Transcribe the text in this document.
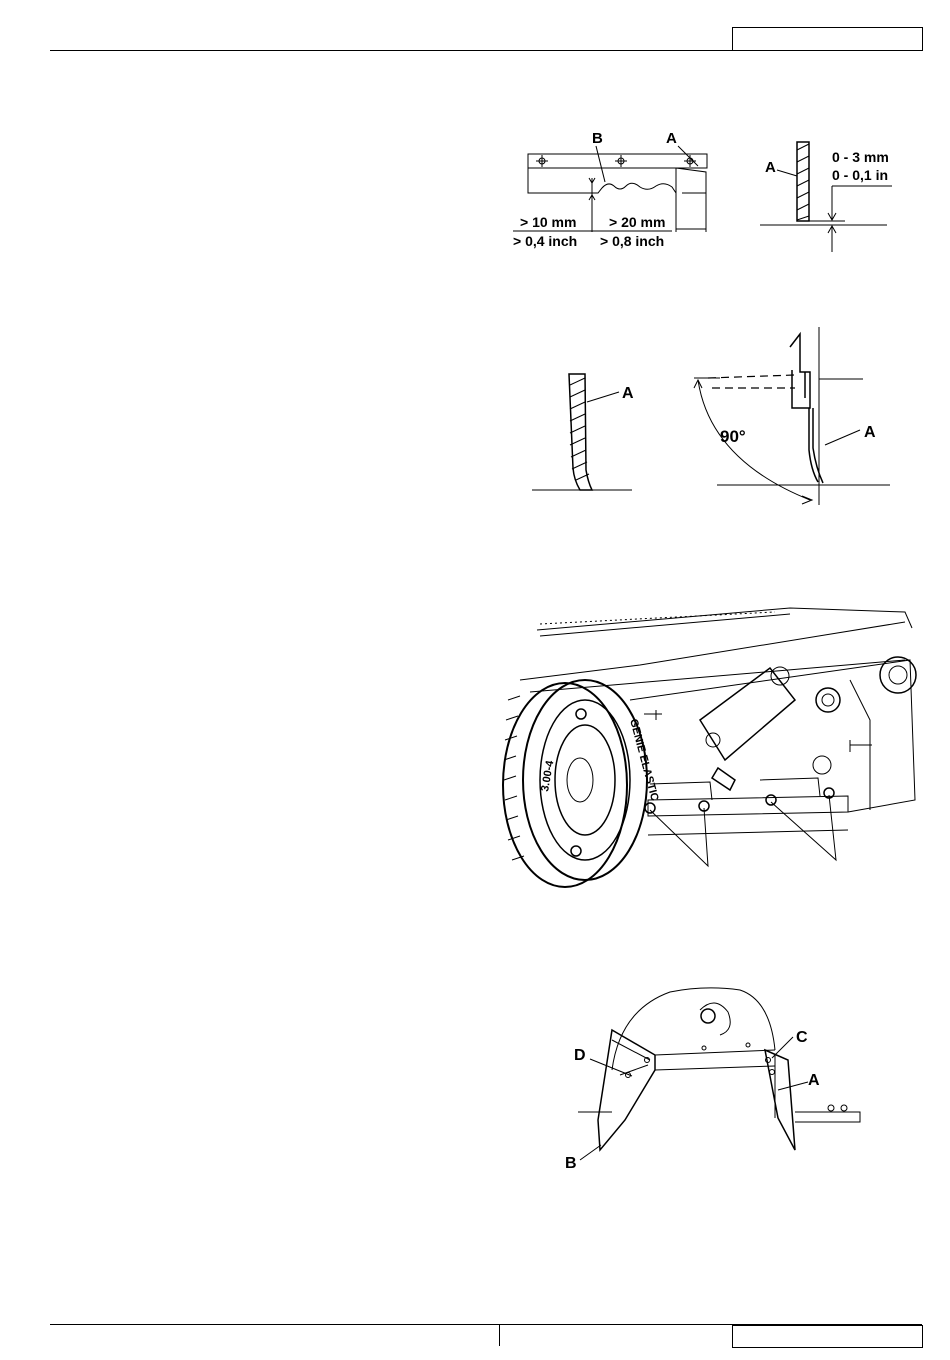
B	A
> 10 mm
> 0,4 inch
> 20 mm
> 0,8 inch
A
0 - 3 mm
0 - 0,1 in
A
90°	A
GENIE ELASTIC
3.00-4
D
C
A
B
